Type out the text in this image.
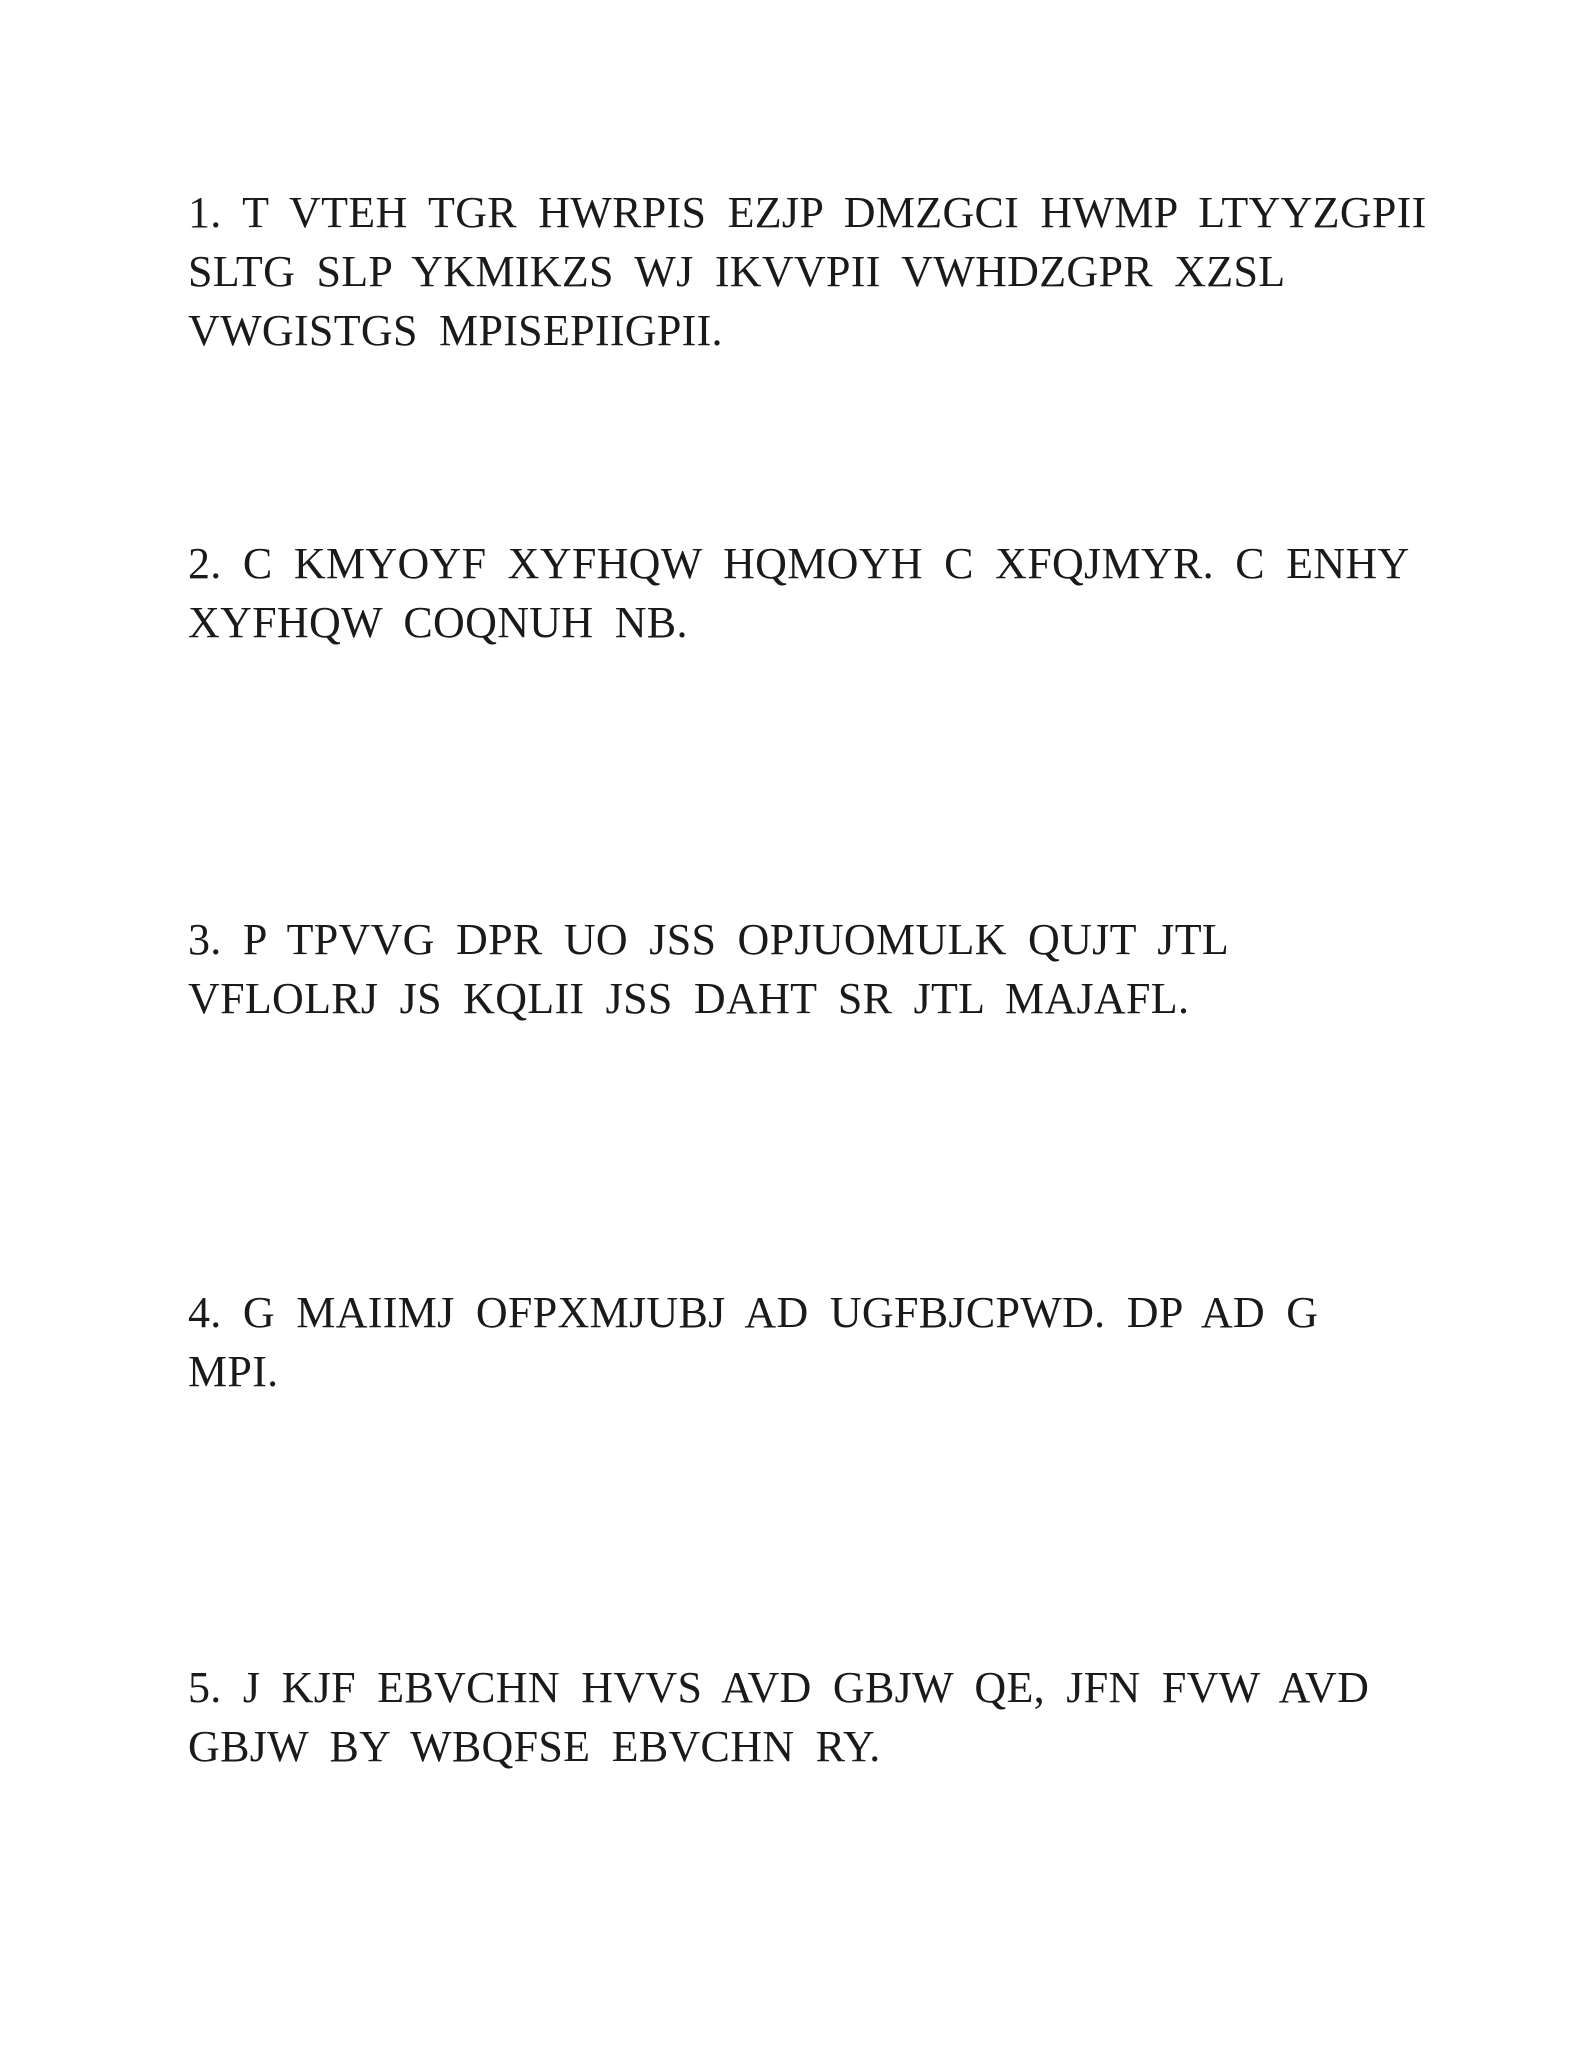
1. T VTEH TGR HWRPIS EZJP DMZGCI HWMP LTYYZGPII SLTG SLP YKMIKZS WJ IKVVPII VWHDZGPR XZSL VWGISTGS MPISEPIIGPII.

2. C KMYOYF XYFHQW HQMOYH C XFQJMYR. C ENHY XYFHQW COQNUH NB.

3. P TPVVG DPR UO JSS OPJUOMULK QUJT JTL VFLOLRJ JS KQLII JSS DAHT SR JTL MAJAFL.

4. G MAIIMJ OFPXMJUBJ AD UGFBJCPWD. DP AD G MPI.

5. J KJF EBVCHN HVVS AVD GBJW QE, JFN FVW AVD GBJW BY WBQFSE EBVCHN RY.
